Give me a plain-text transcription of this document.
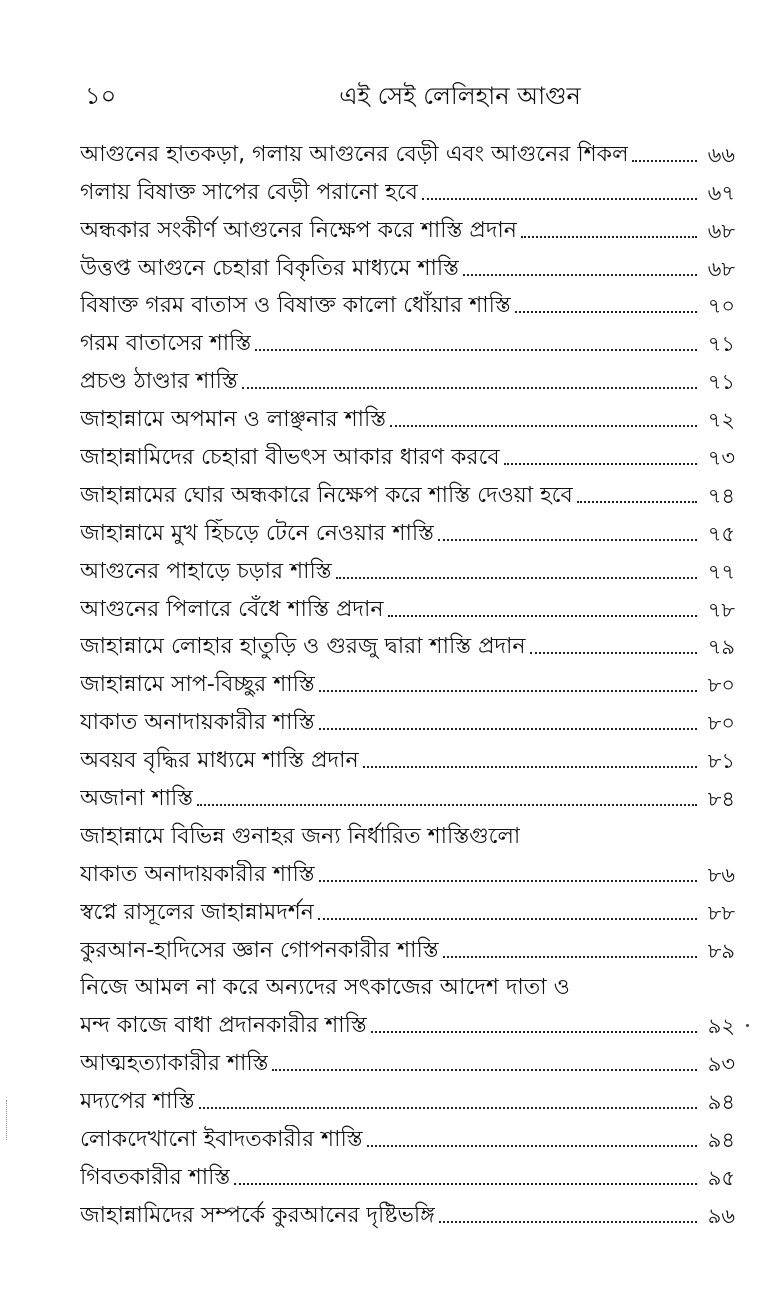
১০	এই সেই লেলিহান আগুন
আগুনের হাতকড়া, গলায় আগুনের বেড়ী এবং আগুনের শিকল	৬৬
গলায় বিষাক্ত সাপের বেড়ী পরানো হবে	৬৭
অন্ধকার সংকীর্ণ আগুনের নিক্ষেপ করে শাস্তি প্রদান	৬৮
উত্তপ্ত আগুনে চেহারা বিকৃতির মাধ্যমে শাস্তি	৬৮
বিষাক্ত গরম বাতাস ও বিষাক্ত কালো ধোঁয়ার শাস্তি	৭০
গরম বাতাসের শাস্তি	৭১
প্রচণ্ড ঠাণ্ডার শাস্তি	৭১
জাহান্নামে অপমান ও লাঞ্ছনার শাস্তি	৭২
জাহান্নামিদের চেহারা বীভৎস আকার ধারণ করবে	৭৩
জাহান্নামের ঘোর অন্ধকারে নিক্ষেপ করে শাস্তি দেওয়া হবে	৭৪
জাহান্নামে মুখ হিঁচড়ে টেনে নেওয়ার শাস্তি	৭৫
আগুনের পাহাড়ে চড়ার শাস্তি	৭৭
আগুনের পিলারে বেঁধে শাস্তি প্রদান	৭৮
জাহান্নামে লোহার হাতুড়ি ও গুরজু দ্বারা শাস্তি প্রদান	৭৯
জাহান্নামে সাপ-বিচ্ছুর শাস্তি	৮০
যাকাত অনাদায়কারীর শাস্তি	৮০
অবয়ব বৃদ্ধির মাধ্যমে শাস্তি প্রদান	৮১
অজানা শাস্তি	৮৪
জাহান্নামে বিভিন্ন গুনাহর জন্য নির্ধারিত শাস্তিগুলো
যাকাত অনাদায়কারীর শাস্তি	৮৬
স্বপ্নে রাসূলের জাহান্নামদর্শন	৮৮
কুরআন-হাদিসের জ্ঞান গোপনকারীর শাস্তি	৮৯
নিজে আমল না করে অন্যদের সৎকাজের আদেশ দাতা ও
মন্দ কাজে বাধা প্রদানকারীর শাস্তি	৯২
আত্মহত্যাকারীর শাস্তি	৯৩
মদ্যপের শাস্তি	৯৪
লোকদেখানো ইবাদতকারীর শাস্তি	৯৪
গিবতকারীর শাস্তি	৯৫
জাহান্নামিদের সম্পর্কে কুরআনের দৃষ্টিভঙ্গি	৯৬
